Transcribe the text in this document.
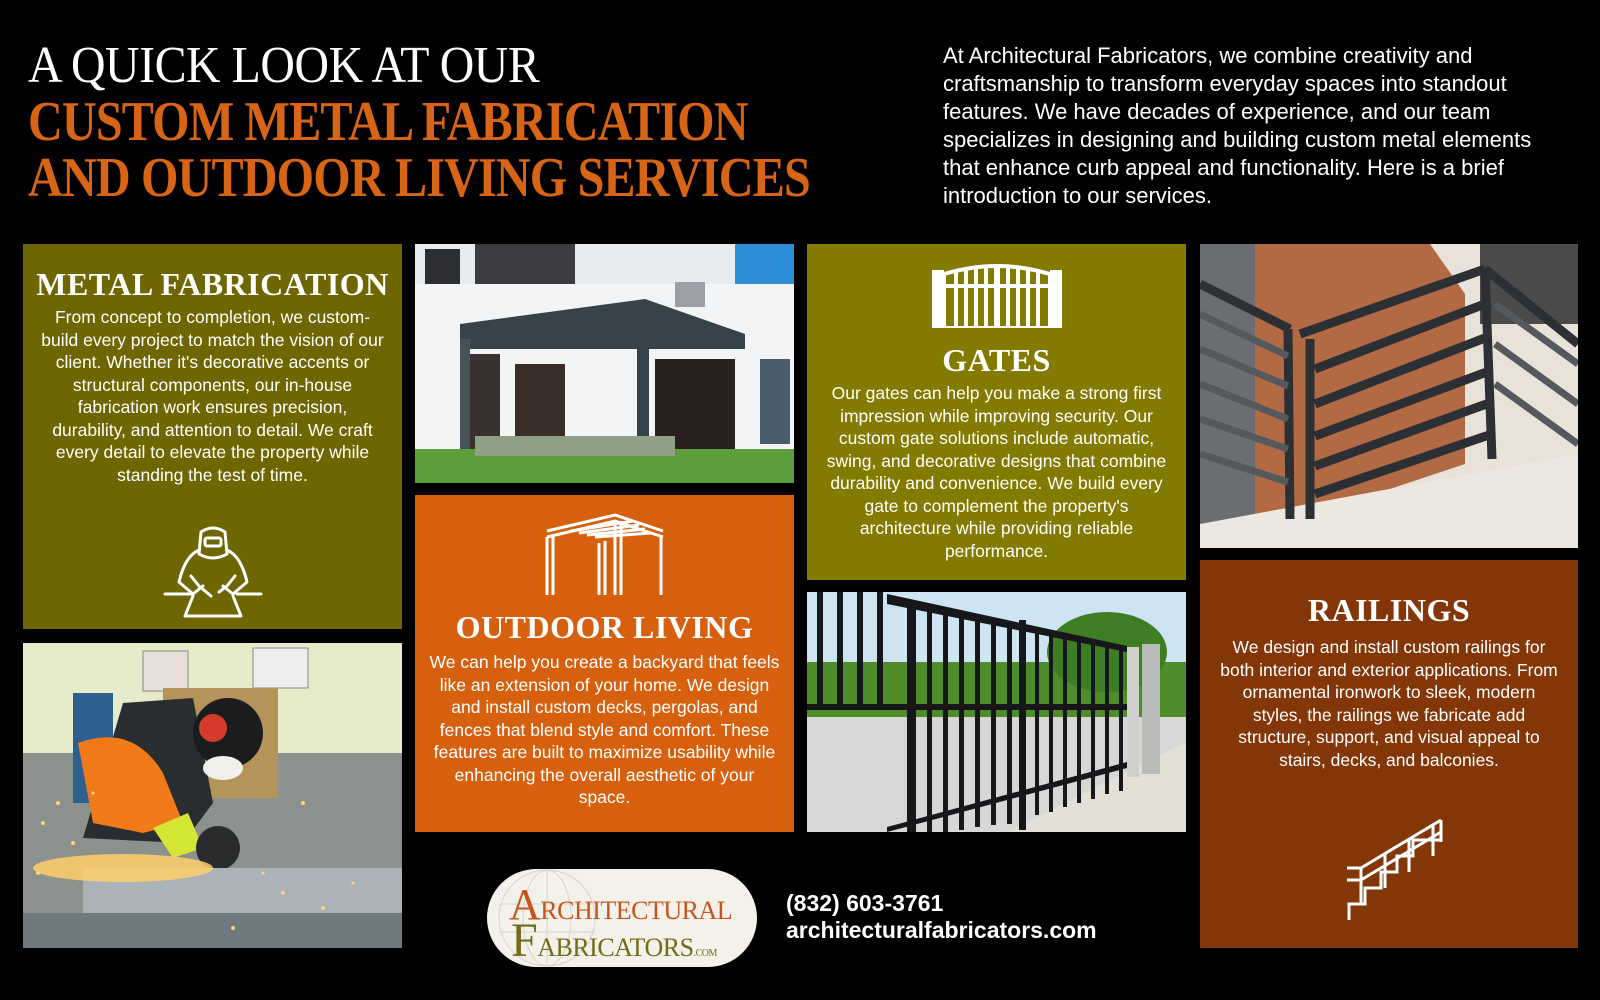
A QUICK LOOK AT OUR
CUSTOM METAL FABRICATION
AND OUTDOOR LIVING SERVICES
At Architectural Fabricators, we combine creativity and craftsmanship to transform everyday spaces into standout features. We have decades of experience, and our team specializes in designing and building custom metal elements that enhance curb appeal and functionality. Here is a brief introduction to our services.
METAL FABRICATION

From concept to completion, we custom-build every project to match the vision of our client. Whether it's decorative accents or structural components, our in-house fabrication work ensures precision, durability, and attention to detail. We craft every detail to elevate the property while standing the test of time.

OUTDOOR LIVING

We can help you create a backyard that feels like an extension of your home. We design and install custom decks, pergolas, and fences that blend style and comfort. These features are built to maximize usability while enhancing the overall aesthetic of your space.

GATES

Our gates can help you make a strong first impression while improving security. Our custom gate solutions include automatic, swing, and decorative designs that combine durability and convenience. We build every gate to complement the property's architecture while providing reliable performance.

RAILINGS

We design and install custom railings for both interior and exterior applications. From ornamental ironwork to sleek, modern styles, the railings we fabricate add structure, support, and visual appeal to stairs, decks, and balconies.

ARCHITECTURAL
FABRICATORS.COM
(832) 603-3761
architecturalfabricators.com
